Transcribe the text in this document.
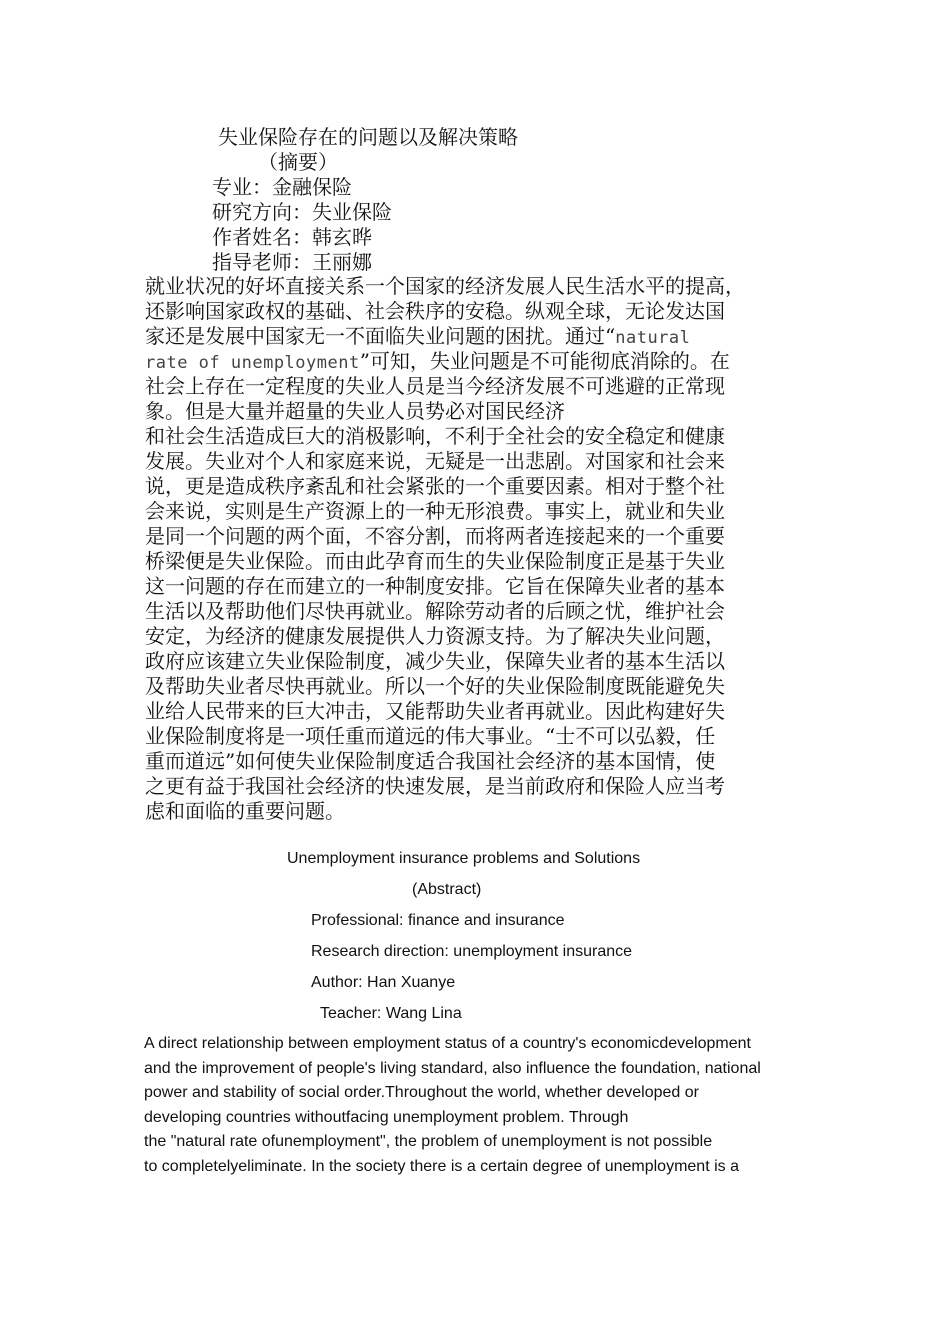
失业保险存在的问题以及解决策略
（摘要）
专业：金融保险
研究方向：失业保险
作者姓名：韩玄晔
指导老师：王丽娜
就业状况的好坏直接关系一个国家的经济发展人民生活水平的提高，
还影响国家政权的基础、社会秩序的安稳。纵观全球，无论发达国
家还是发展中国家无一不面临失业问题的困扰。通过“natural
rate of unemployment”可知，失业问题是不可能彻底消除的。在
社会上存在一定程度的失业人员是当今经济发展不可逃避的正常现
象。但是大量并超量的失业人员势必对国民经济
和社会生活造成巨大的消极影响，不利于全社会的安全稳定和健康
发展。失业对个人和家庭来说，无疑是一出悲剧。对国家和社会来
说，更是造成秩序紊乱和社会紧张的一个重要因素。相对于整个社
会来说，实则是生产资源上的一种无形浪费。事实上，就业和失业
是同一个问题的两个面，不容分割，而将两者连接起来的一个重要
桥梁便是失业保险。而由此孕育而生的失业保险制度正是基于失业
这一问题的存在而建立的一种制度安排。它旨在保障失业者的基本
生活以及帮助他们尽快再就业。解除劳动者的后顾之忧，维护社会
安定，为经济的健康发展提供人力资源支持。为了解决失业问题，
政府应该建立失业保险制度，减少失业，保障失业者的基本生活以
及帮助失业者尽快再就业。所以一个好的失业保险制度既能避免失
业给人民带来的巨大冲击，又能帮助失业者再就业。因此构建好失
业保险制度将是一项任重而道远的伟大事业。“士不可以弘毅，任
重而道远”如何使失业保险制度适合我国社会经济的基本国情，使
之更有益于我国社会经济的快速发展，是当前政府和保险人应当考
虑和面临的重要问题。
Unemployment insurance problems and Solutions
(Abstract)
Professional: finance and insurance
Research direction: unemployment insurance
Author: Han Xuanye
Teacher: Wang Lina
A direct relationship between employment status of a country's economicdevelopment
and the improvement of people's living standard, also influence the foundation, national
power and stability of social order.Throughout the world, whether developed or
developing countries withoutfacing unemployment problem. Through
the "natural rate ofunemployment", the problem of unemployment is not possible
to completelyeliminate. In the society there is a certain degree of unemployment is a
